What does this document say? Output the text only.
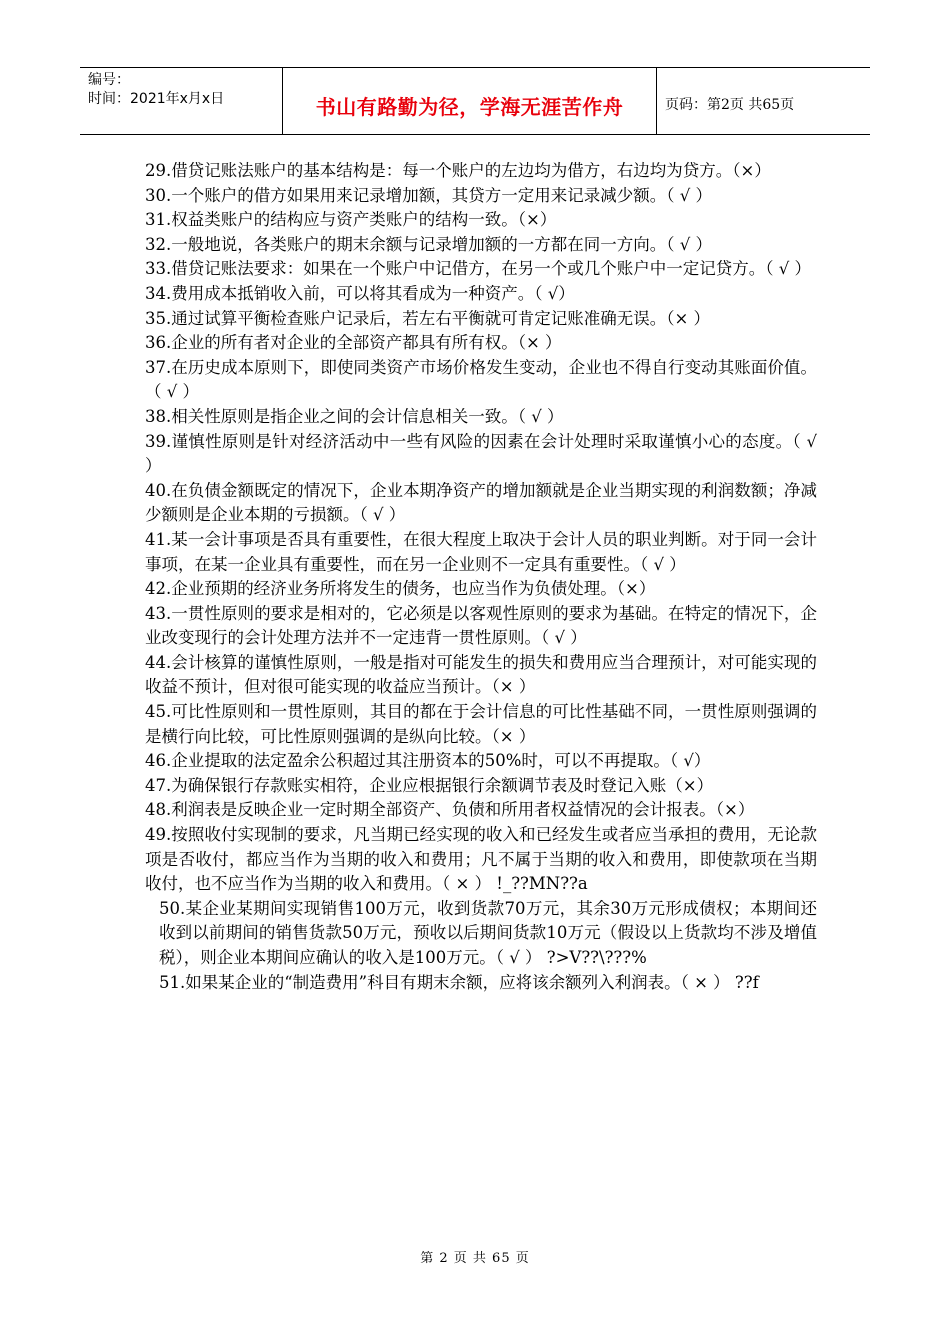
编号：
时间：2021年x月x日	书山有路勤为径，学海无涯苦作舟	页码：第2页 共65页

29.借贷记账法账户的基本结构是：每一个账户的左边均为借方，右边均为贷方。（×）

30.一个账户的借方如果用来记录增加额，其贷方一定用来记录减少额。（ √ ）

31.权益类账户的结构应与资产类账户的结构一致。（×）

32.一般地说，各类账户的期末余额与记录增加额的一方都在同一方向。（ √ ）

33.借贷记账法要求：如果在一个账户中记借方，在另一个或几个账户中一定记贷方。（ √ ）

34.费用成本抵销收入前，可以将其看成为一种资产。（ √）

35.通过试算平衡检查账户记录后，若左右平衡就可肯定记账准确无误。（× ）

36.企业的所有者对企业的全部资产都具有所有权。（× ）

37.在历史成本原则下，即使同类资产市场价格发生变动，企业也不得自行变动其账面价值。（ √ ）

38.相关性原则是指企业之间的会计信息相关一致。（ √ ）

39.谨慎性原则是针对经济活动中一些有风险的因素在会计处理时采取谨慎小心的态度。（ √ ）

40.在负债金额既定的情况下，企业本期净资产的增加额就是企业当期实现的利润数额；净减少额则是企业本期的亏损额。（ √ ）

41.某一会计事项是否具有重要性，在很大程度上取决于会计人员的职业判断。对于同一会计事项，在某一企业具有重要性，而在另一企业则不一定具有重要性。（ √ ）

42.企业预期的经济业务所将发生的债务，也应当作为负债处理。（×）

43.一贯性原则的要求是相对的，它必须是以客观性原则的要求为基础。在特定的情况下，企业改变现行的会计处理方法并不一定违背一贯性原则。（ √ ）

44.会计核算的谨慎性原则，一般是指对可能发生的损失和费用应当合理预计，对可能实现的收益不预计，但对很可能实现的收益应当预计。（× ）

45.可比性原则和一贯性原则，其目的都在于会计信息的可比性基础不同，一贯性原则强调的是横行向比较，可比性原则强调的是纵向比较。（× ）

46.企业提取的法定盈余公积超过其注册资本的50%时，可以不再提取。（ √）

47.为确保银行存款账实相符，企业应根据银行余额调节表及时登记入账（×）

48.利润表是反映企业一定时期全部资产、负债和所用者权益情况的会计报表。（×）

49.按照收付实现制的要求，凡当期已经实现的收入和已经发生或者应当承担的费用，无论款项是否收付，都应当作为当期的收入和费用；凡不属于当期的收入和费用，即使款项在当期收付，也不应当作为当期的收入和费用。（ × ） !_??MN??a

50.某企业某期间实现销售100万元，收到货款70万元，其余30万元形成债权；本期间还收到以前期间的销售货款50万元，预收以后期间货款10万元（假设以上货款均不涉及增值税），则企业本期间应确认的收入是100万元。（ √ ） ?>V??\???%

51.如果某企业的“制造费用”科目有期末余额，应将该余额列入利润表。（ × ） ??f

第 2 页 共 65 页
